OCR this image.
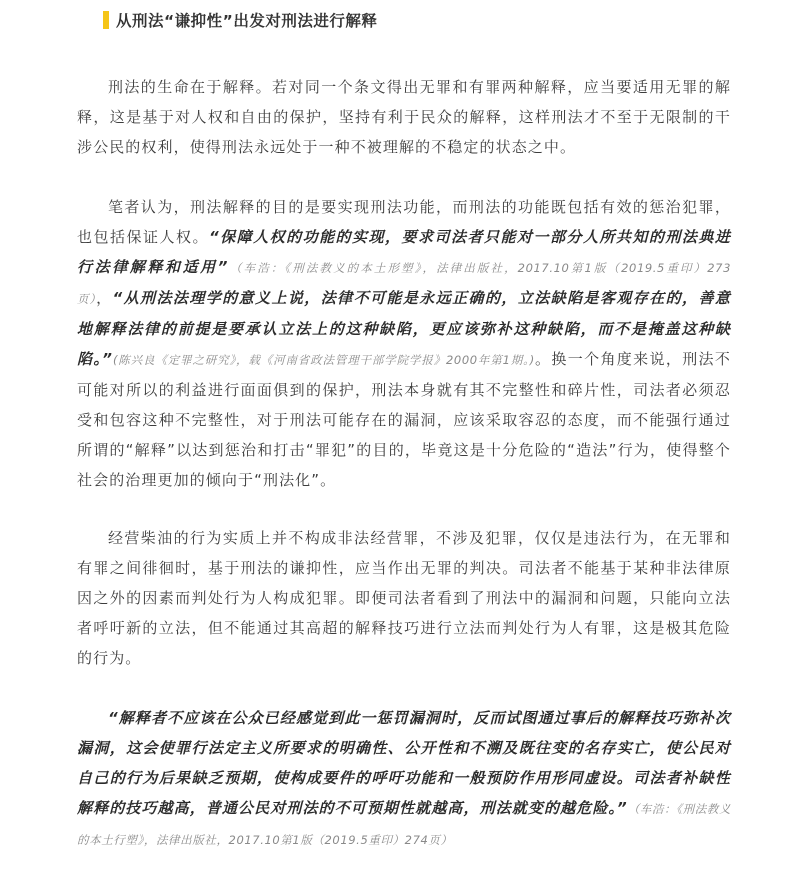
从刑法“谦抑性”出发对刑法进行解释

刑法的生命在于解释。若对同一个条文得出无罪和有罪两种解释，应当要适用无罪的解释，这是基于对人权和自由的保护，坚持有利于民众的解释，这样刑法才不至于无限制的干涉公民的权利，使得刑法永远处于一种不被理解的不稳定的状态之中。

笔者认为，刑法解释的目的是要实现刑法功能，而刑法的功能既包括有效的惩治犯罪，也包括保证人权。“保障人权的功能的实现，要求司法者只能对一部分人所共知的刑法典进行法律解释和适用”（车浩：《刑法教义的本土形塑》，法律出版社，2017.10第1版（2019.5重印）273页），“从刑法法理学的意义上说，法律不可能是永远正确的，立法缺陷是客观存在的，善意地解释法律的前提是要承认立法上的这种缺陷，更应该弥补这种缺陷，而不是掩盖这种缺陷。”(陈兴良《定罪之研究》，载《河南省政法管理干部学院学报》2000年第1期。)。换一个角度来说，刑法不可能对所以的利益进行面面俱到的保护，刑法本身就有其不完整性和碎片性，司法者必须忍受和包容这种不完整性，对于刑法可能存在的漏洞，应该采取容忍的态度，而不能强行通过所谓的“解释”以达到惩治和打击“罪犯”的目的，毕竟这是十分危险的“造法”行为，使得整个社会的治理更加的倾向于“刑法化”。

经营柴油的行为实质上并不构成非法经营罪，不涉及犯罪，仅仅是违法行为，在无罪和有罪之间徘徊时，基于刑法的谦抑性，应当作出无罪的判决。司法者不能基于某种非法律原因之外的因素而判处行为人构成犯罪。即便司法者看到了刑法中的漏洞和问题，只能向立法者呼吁新的立法，但不能通过其高超的解释技巧进行立法而判处行为人有罪，这是极其危险的行为。

“解释者不应该在公众已经感觉到此一惩罚漏洞时，反而试图通过事后的解释技巧弥补次漏洞，这会使罪行法定主义所要求的明确性、公开性和不溯及既往变的名存实亡，使公民对自己的行为后果缺乏预期，使构成要件的呼吁功能和一般预防作用形同虚设。司法者补缺性解释的技巧越高，普通公民对刑法的不可预期性就越高，刑法就变的越危险。”（车浩：《刑法教义的本土行塑》，法律出版社，2017.10第1版（2019.5重印）274页）
